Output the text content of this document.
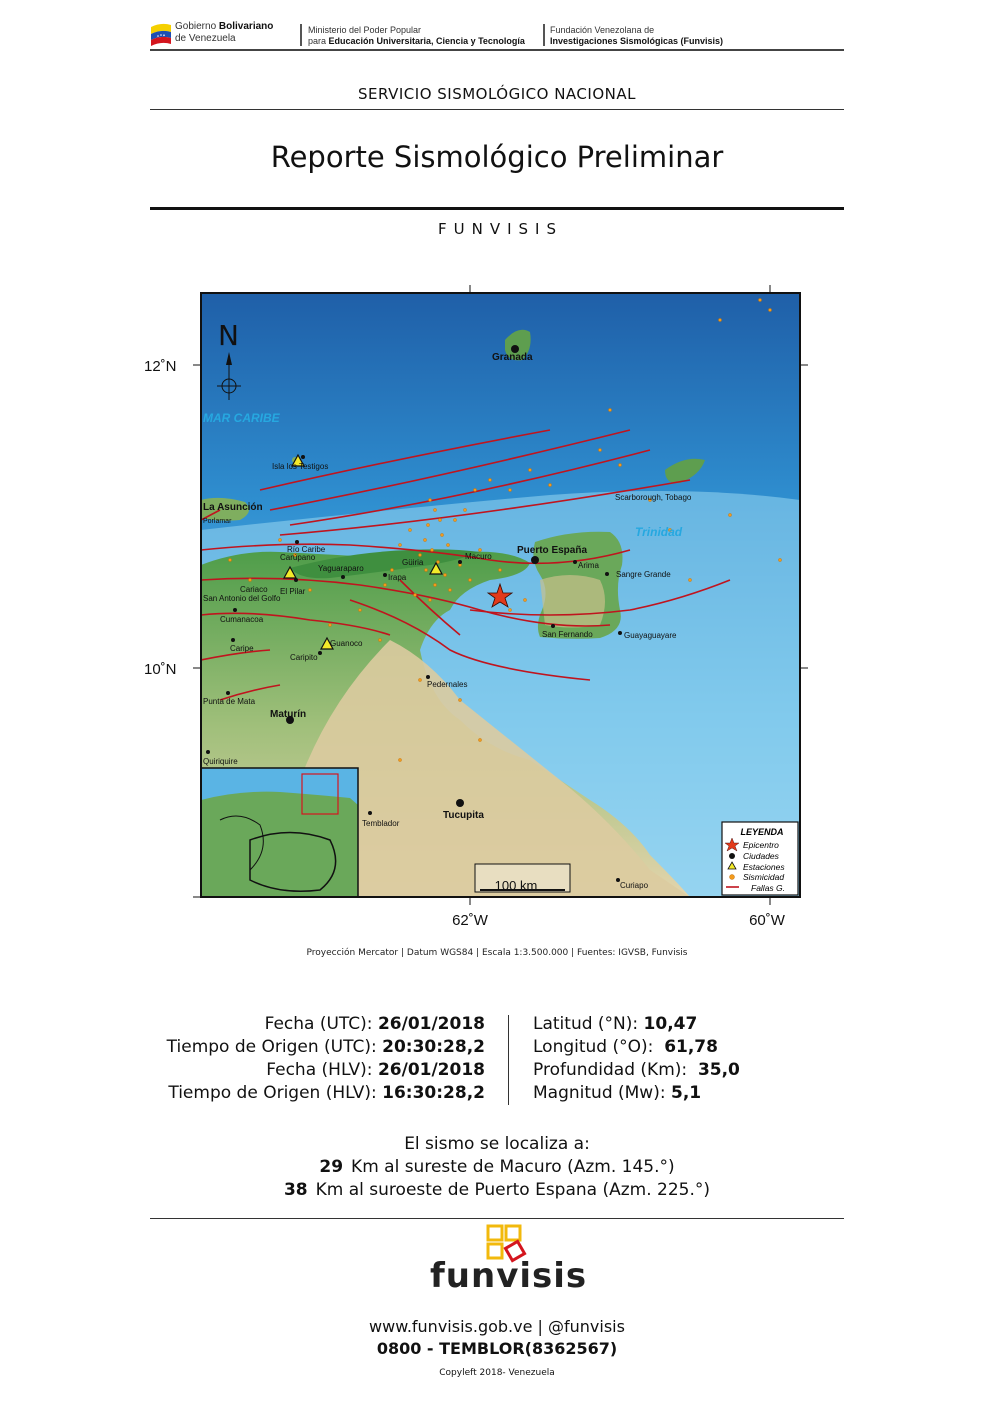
Gobierno Bolivariano
de Venezuela
Ministerio del Poder Popular
para Educación Universitaria, Ciencia y Tecnología
Fundación Venezolana de
Investigaciones Sismológicas (Funvisis)
SERVICIO SISMOLÓGICO NACIONAL
Reporte Sismológico Preliminar
FUNVISIS
Granada
Isla los Testigos
La Asunción
Porlamar
Scarborough, Tobago
Trinidad
Puerto España
Río Caribe
Carúpano
Yaguaraparo
Irapa
Güiria
Macuro
Arima
Sangre Grande
Cariaco El Pilar
San Antonio del Golfo
Cumanacoa
Caripe
Caripito
Guanoco
San Fernando	Guayaguayare
Pedernales
Punta de Mata
Maturín
Quiriquire
Tucupita
Temblador
Curiapo
MAR CARIBE
N
100 km
LEYENDA
Epicentro
Ciudades
Estaciones
Sismicidad
Fallas G.
12˚N
10˚N
62˚W	60˚W
Proyección Mercator | Datum WGS84 | Escala 1:3.500.000 | Fuentes: IGVSB, Funvisis
Fecha (UTC): 26/01/2018
Tiempo de Origen (UTC): 20:30:28,2
Fecha (HLV): 26/01/2018
Tiempo de Origen (HLV): 16:30:28,2
Latitud (°N): 10,47
Longitud (°O): 61,78
Profundidad (Km): 35,0
Magnitud (Mw): 5,1
El sismo se localiza a:
29 Km al sureste de Macuro (Azm. 145.°)
38 Km al suroeste de Puerto Espana (Azm. 225.°)
funvisis
www.funvisis.gob.ve | @funvisis
0800 - TEMBLOR(8362567)
Copyleft 2018- Venezuela
